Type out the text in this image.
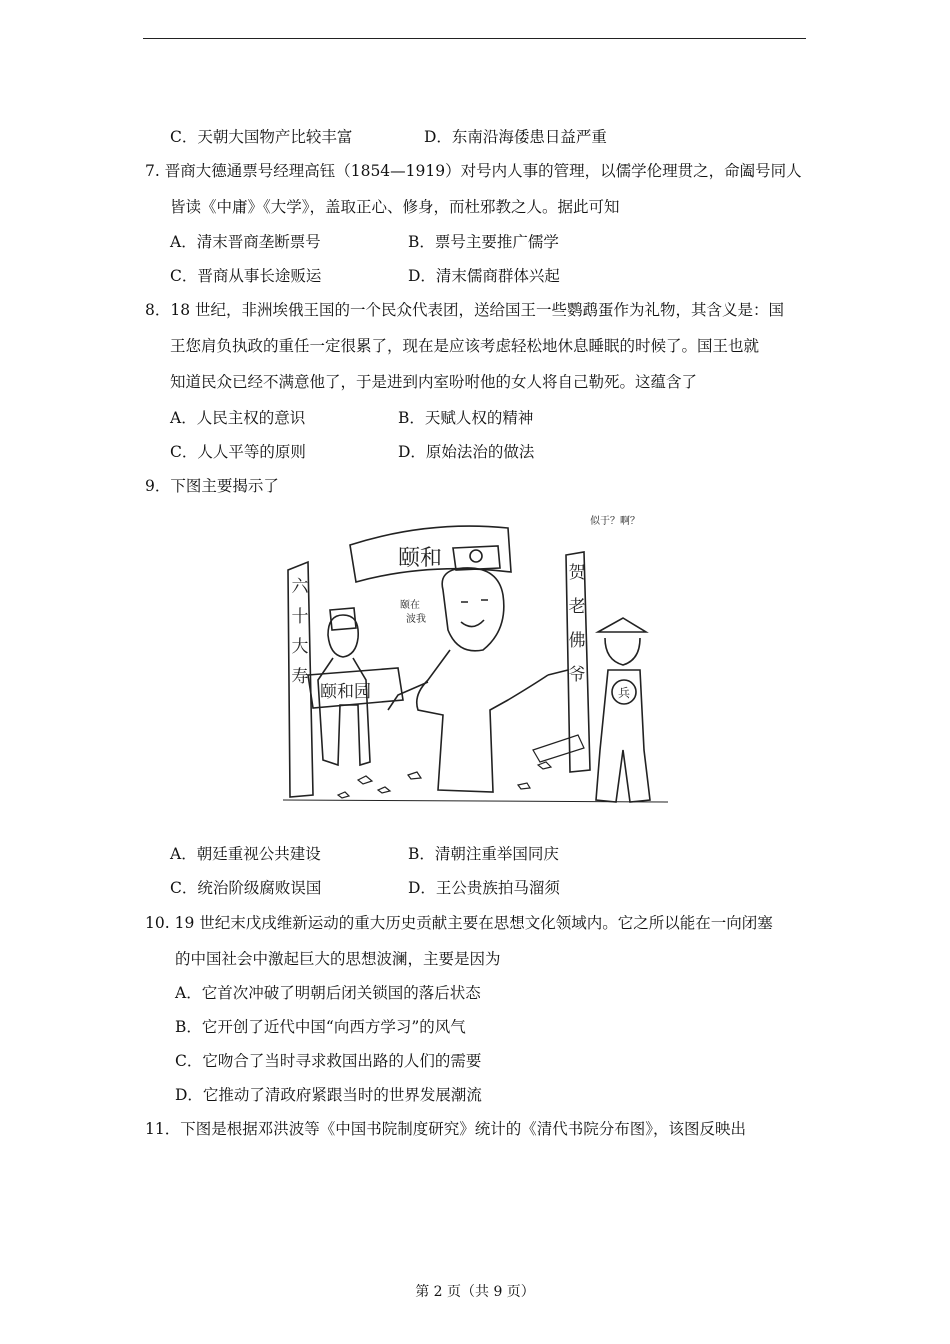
C．天朝大国物产比较丰富	D．东南沿海倭患日益严重
7. 晋商大德通票号经理高钰（1854—1919）对号内人事的管理，以儒学伦理贯之，命阖号同人
皆读《中庸》《大学》，盖取正心、修身，而杜邪教之人。据此可知
A．清末晋商垄断票号	B．票号主要推广儒学
C．晋商从事长途贩运	D．清末儒商群体兴起
8．18 世纪，非洲埃俄王国的一个民众代表团，送给国王一些鹦鹉蛋作为礼物，其含义是：国
王您肩负执政的重任一定很累了，现在是应该考虑轻松地休息睡眠的时候了。国王也就
知道民众已经不满意他了，于是进到内室吩咐他的女人将自己勒死。这蕴含了
A．人民主权的意识	B．天赋人权的精神
C．人人平等的原则	D．原始法治的做法
9．下图主要揭示了
六
十
大
寿
贺
老
佛
爷
颐和
颐在
波我
颐和园	兵
似于？啊？
A．朝廷重视公共建设	B．清朝注重举国同庆
C．统治阶级腐败误国	D．王公贵族拍马溜须
10. 19 世纪末戊戌维新运动的重大历史贡献主要在思想文化领域内。它之所以能在一向闭塞
的中国社会中激起巨大的思想波澜，主要是因为
A．它首次冲破了明朝后闭关锁国的落后状态
B．它开创了近代中国“向西方学习”的风气
C．它吻合了当时寻求救国出路的人们的需要
D．它推动了清政府紧跟当时的世界发展潮流
11．下图是根据邓洪波等《中国书院制度研究》统计的《清代书院分布图》，该图反映出
第 2 页（共 9 页）
